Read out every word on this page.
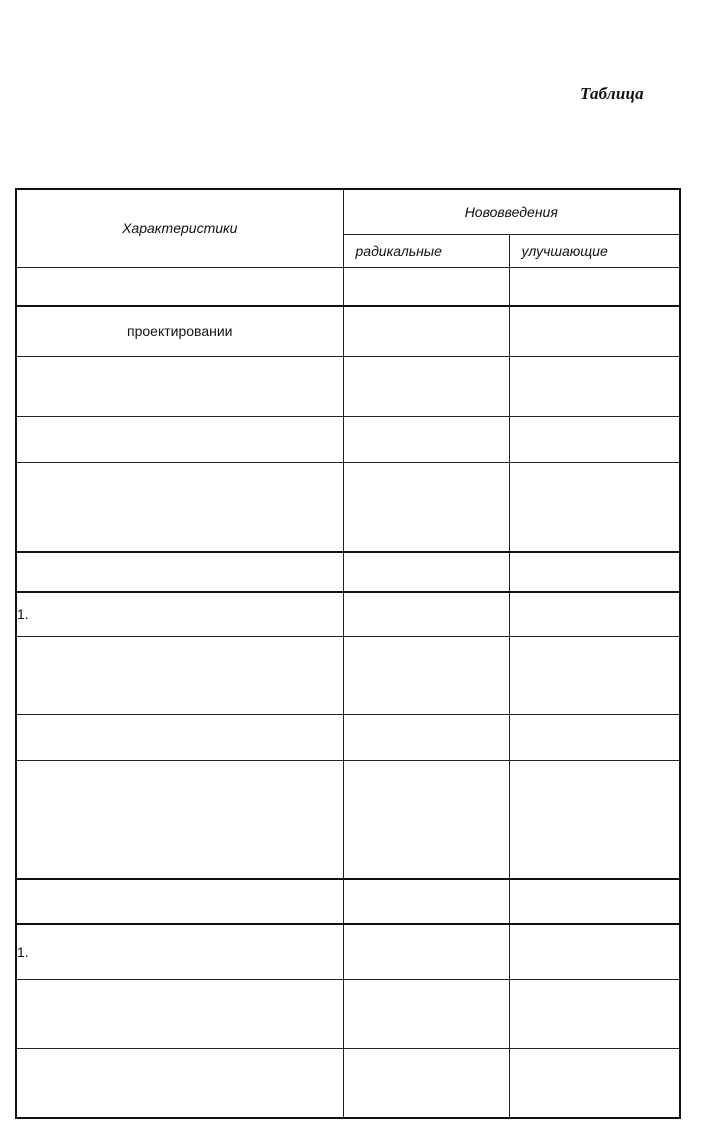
Таблица
Характеристики	Нововведения	
	радикальные	улучшающие

проектировании		

1.		

1.		
